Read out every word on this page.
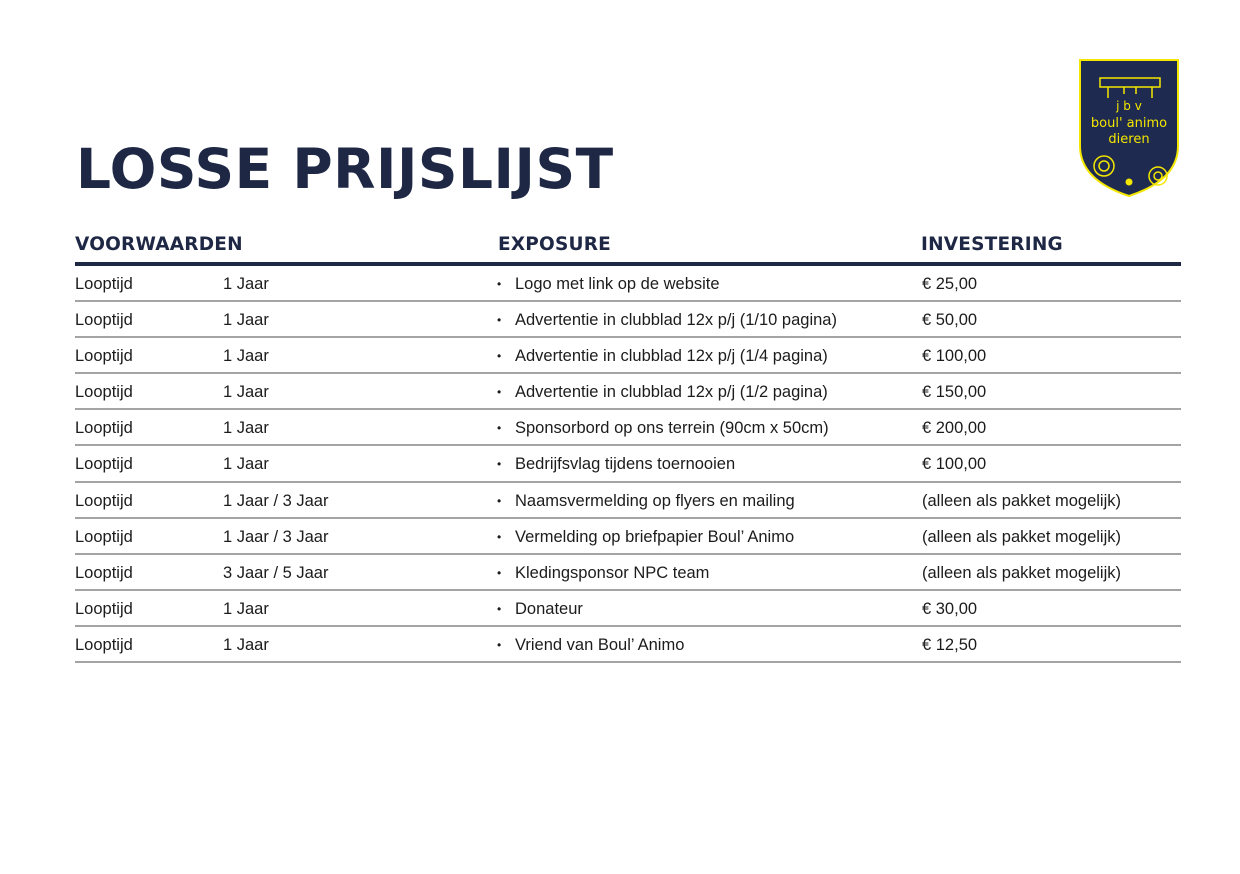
LOSSE PRIJSLIJST
j b v
boul' animo
dieren
VOORWAARDEN	EXPOSURE	INVESTERING
Looptijd	1 Jaar	• Logo met link op de website	€ 25,00
Looptijd	1 Jaar	• Advertentie in clubblad 12x p/j (1/10 pagina)	€ 50,00
Looptijd	1 Jaar	• Advertentie in clubblad 12x p/j (1/4 pagina)	€ 100,00
Looptijd	1 Jaar	• Advertentie in clubblad 12x p/j (1/2 pagina)	€ 150,00
Looptijd	1 Jaar	• Sponsorbord op ons terrein (90cm x 50cm)	€ 200,00
Looptijd	1 Jaar	• Bedrijfsvlag tijdens toernooien	€ 100,00
Looptijd	1 Jaar / 3 Jaar	• Naamsvermelding op flyers en mailing	(alleen als pakket mogelijk)
Looptijd	1 Jaar / 3 Jaar	• Vermelding op briefpapier Boul’ Animo	(alleen als pakket mogelijk)
Looptijd	3 Jaar / 5 Jaar	• Kledingsponsor NPC team	(alleen als pakket mogelijk)
Looptijd	1 Jaar	• Donateur	€ 30,00
Looptijd	1 Jaar	• Vriend van Boul’ Animo	€ 12,50
